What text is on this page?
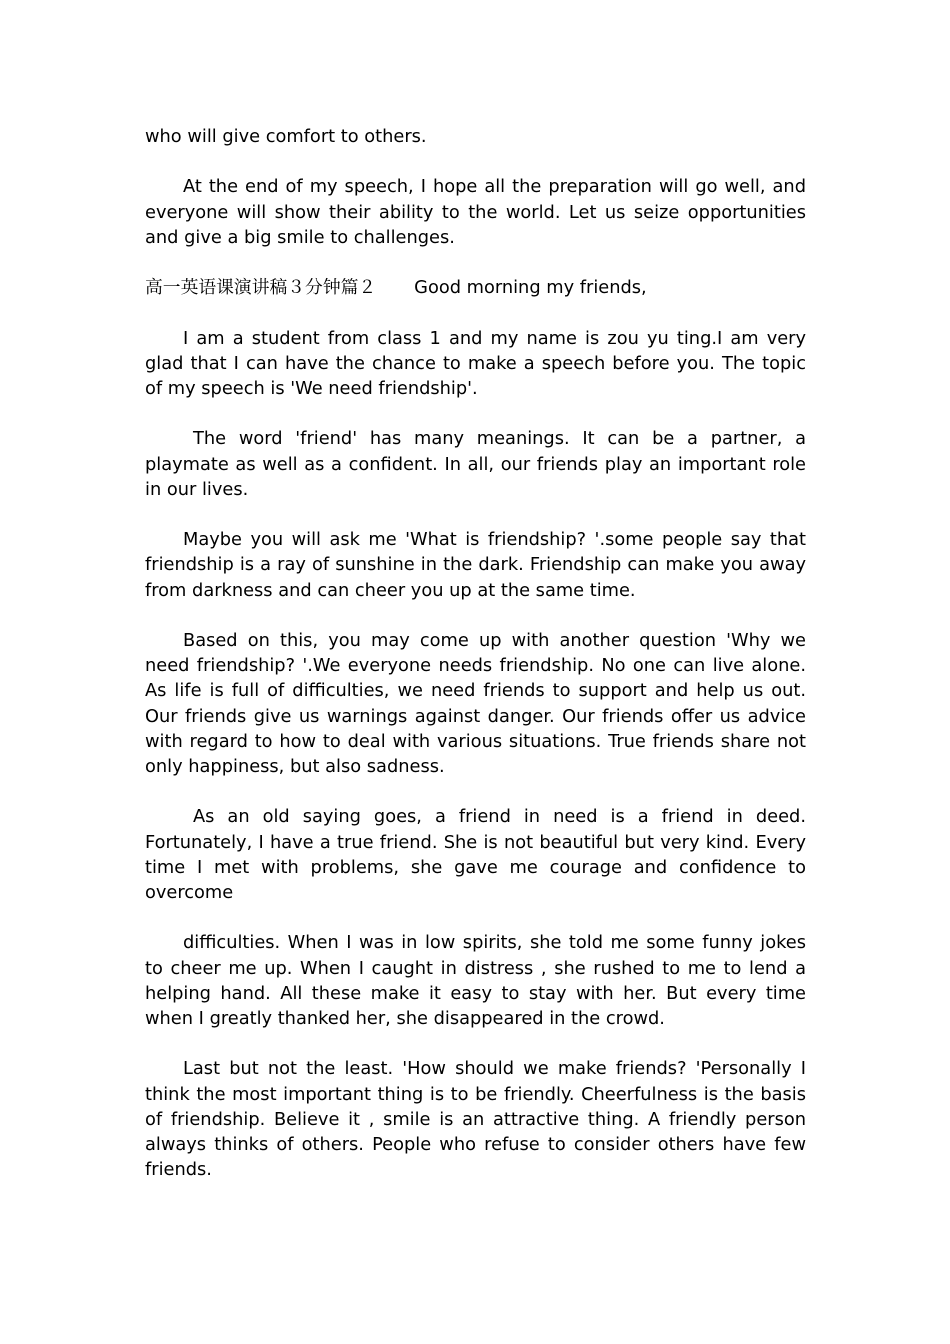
who will give comfort to others.

At the end of my speech, I hope all the preparation will go well, and everyone will show their ability to the world. Let us seize opportunities and give a big smile to challenges.

高一英语课演讲稿３分钟篇２ Good morning my friends,

I am a student from class 1 and my name is zou yu ting.I am very glad that I can have the chance to make a speech before you. The topic of my speech is 'We need friendship'.

The word 'friend' has many meanings. It can be a partner, a playmate as well as a confident. In all, our friends play an important role in our lives.

Maybe you will ask me 'What is friendship? '.some people say that friendship is a ray of sunshine in the dark. Friendship can make you away from darkness and can cheer you up at the same time.

Based on this, you may come up with another question 'Why we need friendship? '.We everyone needs friendship. No one can live alone. As life is full of difficulties, we need friends to support and help us out. Our friends give us warnings against danger. Our friends offer us advice with regard to how to deal with various situations. True friends share not only happiness, but also sadness.

As an old saying goes, a friend in need is a friend in deed. Fortunately, I have a true friend. She is not beautiful but very kind. Every time I met with problems, she gave me courage and confidence to overcome

difficulties. When I was in low spirits, she told me some funny jokes to cheer me up. When I caught in distress , she rushed to me to lend a helping hand. All these make it easy to stay with her. But every time when I greatly thanked her, she disappeared in the crowd.

Last but not the least. 'How should we make friends? 'Personally I think the most important thing is to be friendly. Cheerfulness is the basis of friendship. Believe it , smile is an attractive thing. A friendly person always thinks of others. People who refuse to consider others have few friends.
